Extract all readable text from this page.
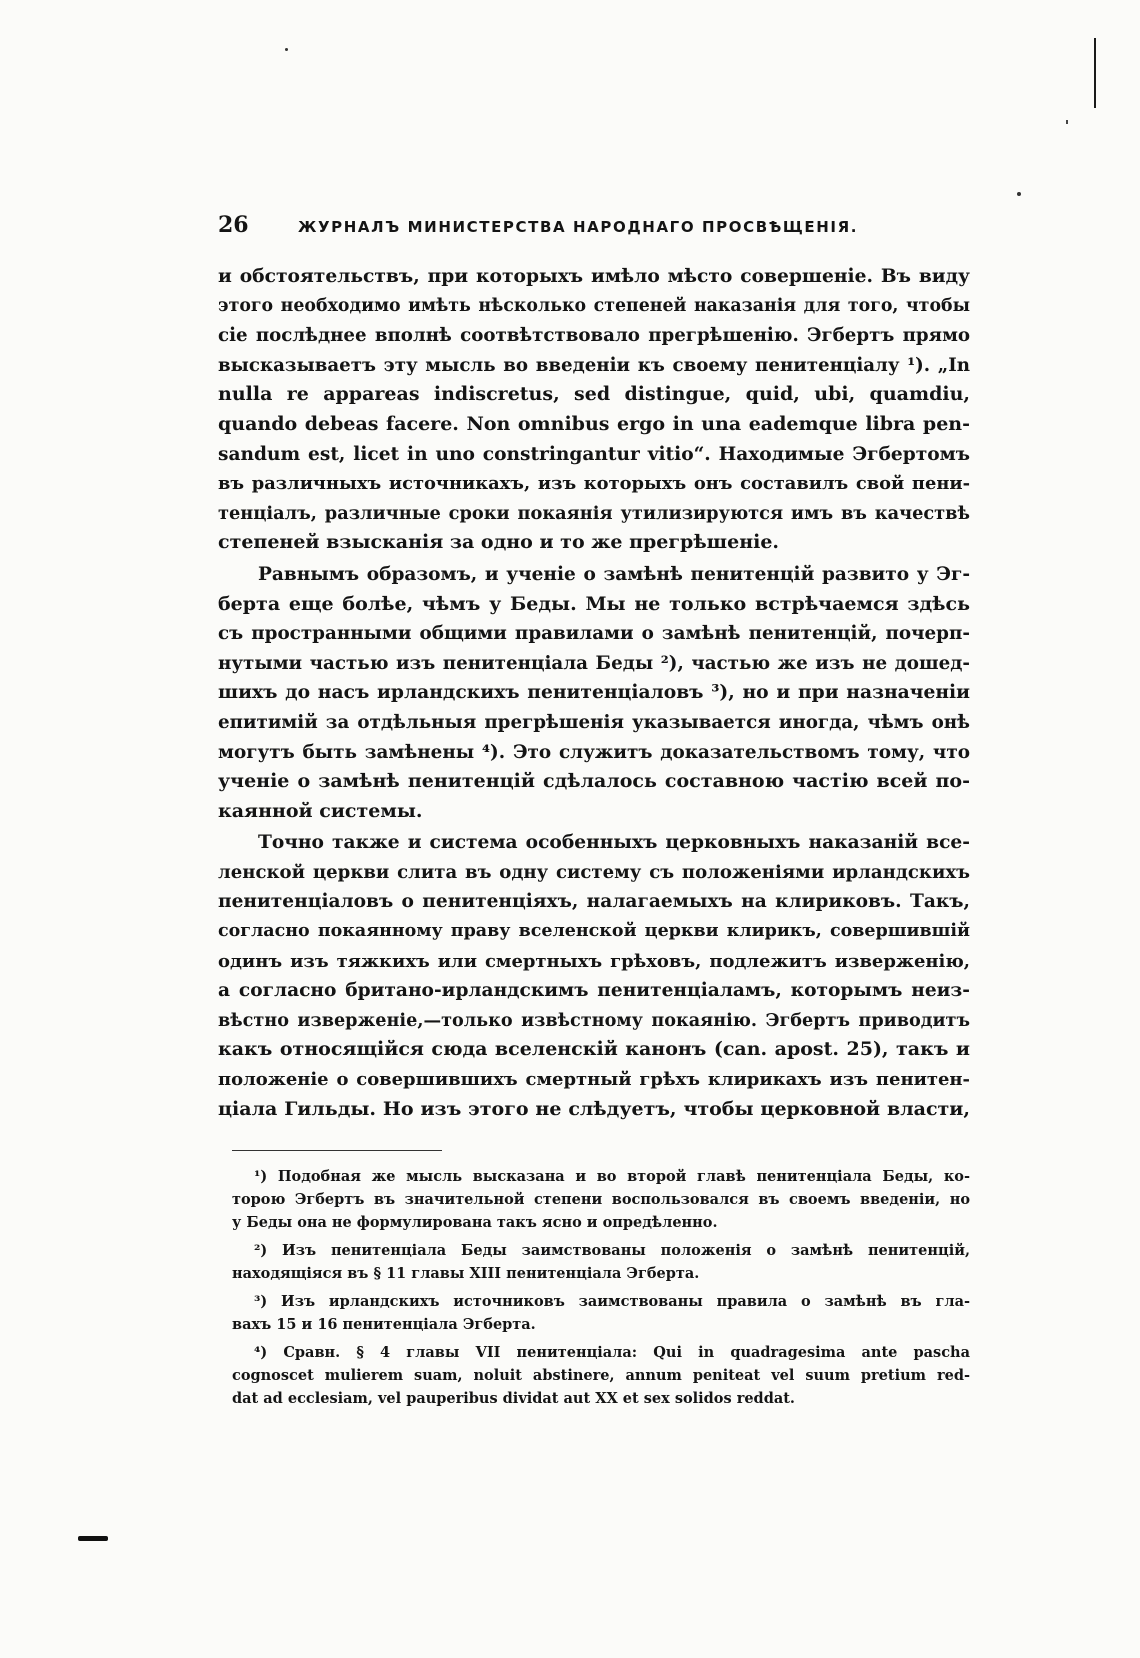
26	ЖУРНАЛЪ МИНИСТЕРСТВА НАРОДНАГО ПРОСВѢЩЕНІЯ.
и обстоятельствъ, при которыхъ имѣло мѣсто совершеніе. Въ виду
этого необходимо имѣть нѣсколько степеней наказанія для того, чтобы
сіе послѣднее вполнѣ соотвѣтствовало прегрѣшенію. Эгбертъ прямо
высказываетъ эту мысль во введеніи къ своему пенитенціалу ¹). „In
nulla re appareas indiscretus, sed distingue, quid, ubi, quamdiu,
quando debeas facere. Non omnibus ergo in una eademque libra pen-
sandum est, licet in uno constringantur vitio“. Находимые Эгбертомъ
въ различныхъ источникахъ, изъ которыхъ онъ составилъ свой пени-
тенціалъ, различные сроки покаянія утилизируются имъ въ качествѣ
степеней взысканія за одно и то же прегрѣшеніе.
Равнымъ образомъ, и ученіе о замѣнѣ пенитенцій развито у Эг-
берта еще болѣе, чѣмъ у Беды. Мы не только встрѣчаемся здѣсь
съ пространными общими правилами о замѣнѣ пенитенцій, почерп-
нутыми частью изъ пенитенціала Беды ²), частью же изъ не дошед-
шихъ до насъ ирландскихъ пенитенціаловъ ³), но и при назначеніи
епитимій за отдѣльныя прегрѣшенія указывается иногда, чѣмъ онѣ
могутъ быть замѣнены ⁴). Это служитъ доказательствомъ тому, что
ученіе о замѣнѣ пенитенцій сдѣлалось составною частію всей по-
каянной системы.
Точно также и система особенныхъ церковныхъ наказаній все-
ленской церкви слита въ одну систему съ положеніями ирландскихъ
пенитенціаловъ о пенитенціяхъ, налагаемыхъ на клириковъ. Такъ,
согласно покаянному праву вселенской церкви клирикъ, совершившій
одинъ изъ тяжкихъ или смертныхъ грѣховъ, подлежитъ изверженію,
а согласно британо-ирландскимъ пенитенціаламъ, которымъ неиз-
вѣстно изверженіе,—только извѣстному покаянію. Эгбертъ приводитъ
какъ относящійся сюда вселенскій канонъ (can. apost. 25), такъ и
положеніе о совершившихъ смертный грѣхъ клирикахъ изъ пенитен-
ціала Гильды. Но изъ этого не слѣдуетъ, чтобы церковной власти,
¹) Подобная же мысль высказана и во второй главѣ пенитенціала Беды, ко-
торою Эгбертъ въ значительной степени воспользовался въ своемъ введеніи, но
у Беды она не формулирована такъ ясно и опредѣленно.
²) Изъ пенитенціала Беды заимствованы положенія о замѣнѣ пенитенцій,
находящіяся въ § 11 главы XIII пенитенціала Эгберта.
³) Изъ ирландскихъ источниковъ заимствованы правила о замѣнѣ въ гла-
вахъ 15 и 16 пенитенціала Эгберта.
⁴) Сравн. § 4 главы VII пенитенціала: Qui in quadragesima ante pascha
cognoscet mulierem suam, noluit abstinere, annum peniteat vel suum pretium red-
dat ad ecclesiam, vel pauperibus dividat aut XX et sex solidos reddat.
